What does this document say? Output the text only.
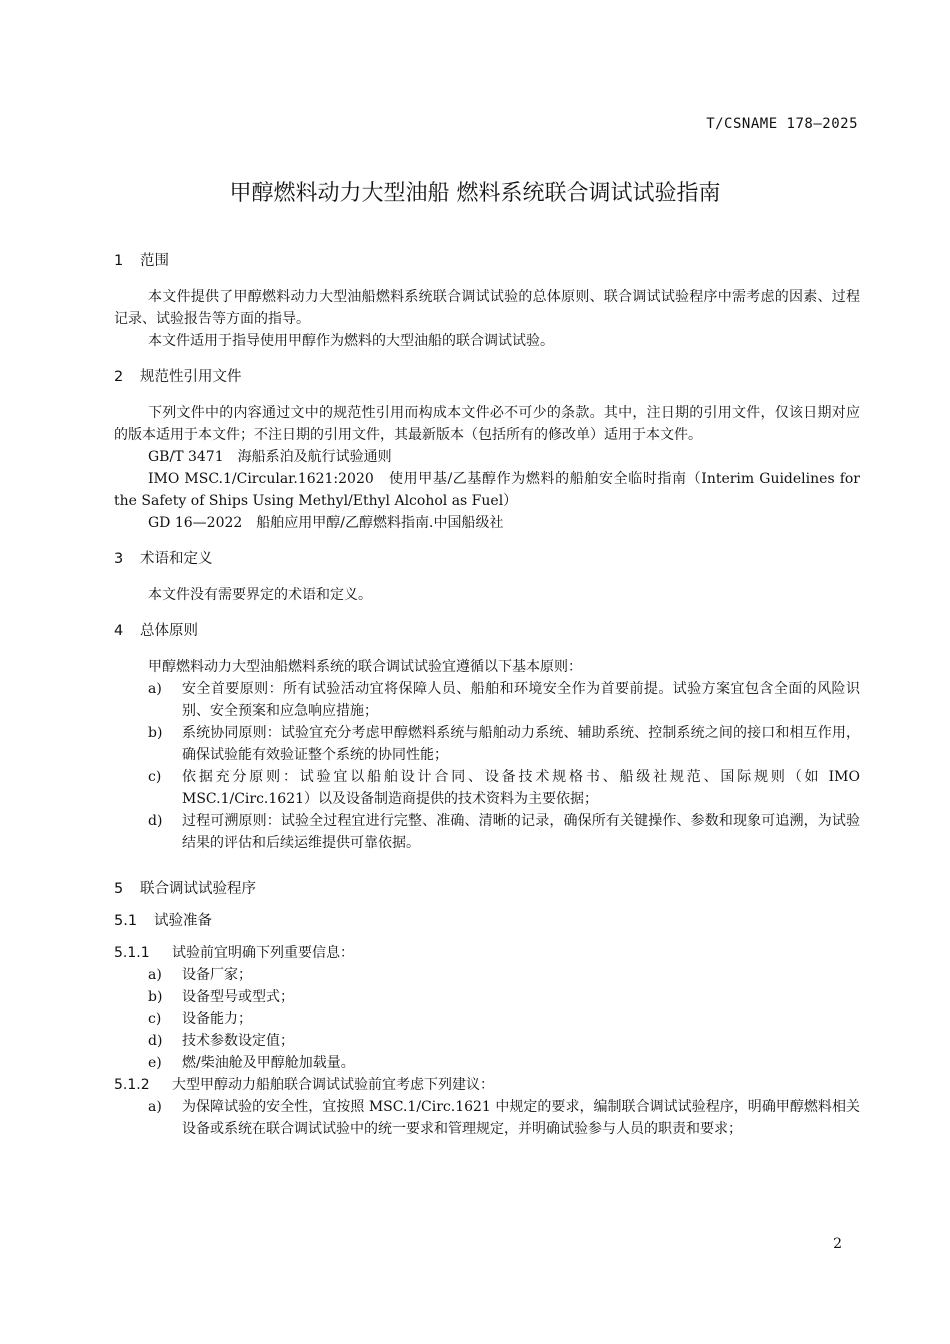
T/CSNAME 178—2025
甲醇燃料动力大型油船 燃料系统联合调试试验指南
1 范围

本文件提供了甲醇燃料动力大型油船燃料系统联合调试试验的总体原则、联合调试试验程序中需考虑的因素、过程记录、试验报告等方面的指导。

本文件适用于指导使用甲醇作为燃料的大型油船的联合调试试验。

2 规范性引用文件

下列文件中的内容通过文中的规范性引用而构成本文件必不可少的条款。其中，注日期的引用文件，仅该日期对应的版本适用于本文件；不注日期的引用文件，其最新版本（包括所有的修改单）适用于本文件。

GB/T 3471　海船系泊及航行试验通则

IMO MSC.1/Circular.1621:2020　使用甲基/乙基醇作为燃料的船舶安全临时指南（Interim Guidelines for the Safety of Ships Using Methyl/Ethyl Alcohol as Fuel）

GD 16—2022　船舶应用甲醇/乙醇燃料指南.中国船级社

3 术语和定义

本文件没有需要界定的术语和定义。

4 总体原则

甲醇燃料动力大型油船燃料系统的联合调试试验宜遵循以下基本原则：

a) 安全首要原则：所有试验活动宜将保障人员、船舶和环境安全作为首要前提。试验方案宜包含全面的风险识别、安全预案和应急响应措施；
b) 系统协同原则：试验宜充分考虑甲醇燃料系统与船舶动力系统、辅助系统、控制系统之间的接口和相互作用，确保试验能有效验证整个系统的协同性能；
c) 依据充分原则：试验宜以船舶设计合同、设备技术规格书、船级社规范、国际规则（如 IMO MSC.1/Circ.1621）以及设备制造商提供的技术资料为主要依据；
d) 过程可溯原则：试验全过程宜进行完整、准确、清晰的记录，确保所有关键操作、参数和现象可追溯，为试验结果的评估和后续运维提供可靠依据。
5 联合调试试验程序
5.1 试验准备

5.1.1 试验前宜明确下列重要信息：

a) 设备厂家；
b) 设备型号或型式；
c) 设备能力；
d) 技术参数设定值；
e) 燃/柴油舱及甲醇舱加载量。

5.1.2 大型甲醇动力船舶联合调试试验前宜考虑下列建议：

a) 为保障试验的安全性，宜按照 MSC.1/Circ.1621 中规定的要求，编制联合调试试验程序，明确甲醇燃料相关设备或系统在联合调试试验中的统一要求和管理规定，并明确试验参与人员的职责和要求；
2
